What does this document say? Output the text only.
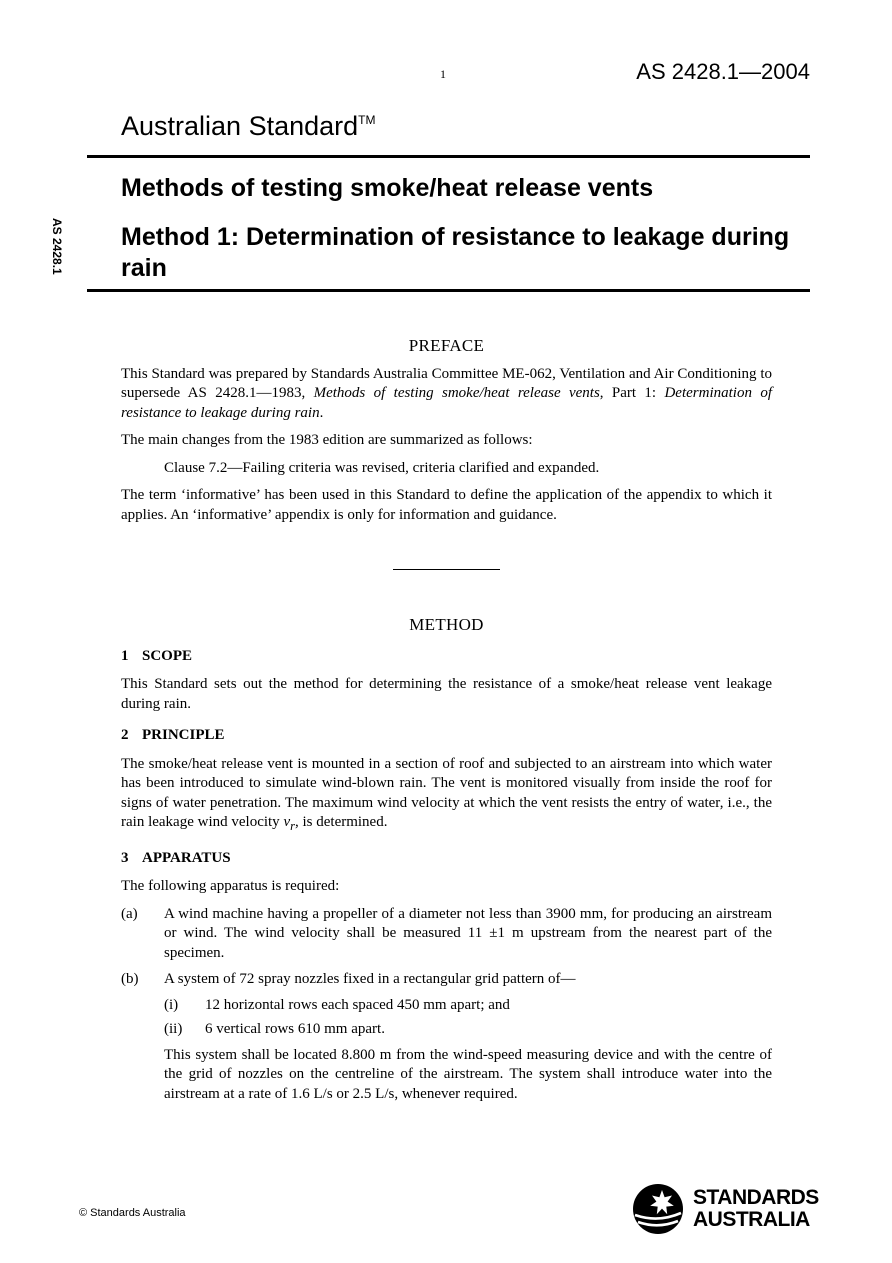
1	AS 2428.1—2004
Australian Standard™
Methods of testing smoke/heat release vents
Method 1: Determination of resistance to leakage during rain
AS 2428.1
PREFACE

This Standard was prepared by Standards Australia Committee ME-062, Ventilation and Air Conditioning to supersede AS 2428.1—1983, Methods of testing smoke/heat release vents, Part 1: Determination of resistance to leakage during rain.

The main changes from the 1983 edition are summarized as follows:

Clause 7.2—Failing criteria was revised, criteria clarified and expanded.

The term ‘informative’ has been used in this Standard to define the application of the appendix to which it applies. An ‘informative’ appendix is only for information and guidance.

METHOD
1 SCOPE

This Standard sets out the method for determining the resistance of a smoke/heat release vent leakage during rain.

2 PRINCIPLE

The smoke/heat release vent is mounted in a section of roof and subjected to an airstream into which water has been introduced to simulate wind-blown rain. The vent is monitored visually from inside the roof for signs of water penetration. The maximum wind velocity at which the vent resists the entry of water, i.e., the rain leakage wind velocity $v_r$, is determined.

3 APPARATUS

The following apparatus is required:

(a)	A wind machine having a propeller of a diameter not less than 3900 mm, for producing an airstream or wind. The wind velocity shall be measured 11 ±1 m upstream from the nearest part of the specimen.
(b)	A system of 72 spray nozzles fixed in a rectangular grid pattern of—
(i)	12 horizontal rows each spaced 450 mm apart; and
(ii)	6 vertical rows 610 mm apart.
This system shall be located 8.800 m from the wind-speed measuring device and with the centre of the grid of nozzles on the centreline of the airstream. The system shall introduce water into the airstream at a rate of 1.6 L/s or 2.5 L/s, whenever required.
© Standards Australia
STANDARDS
AUSTRALIA
